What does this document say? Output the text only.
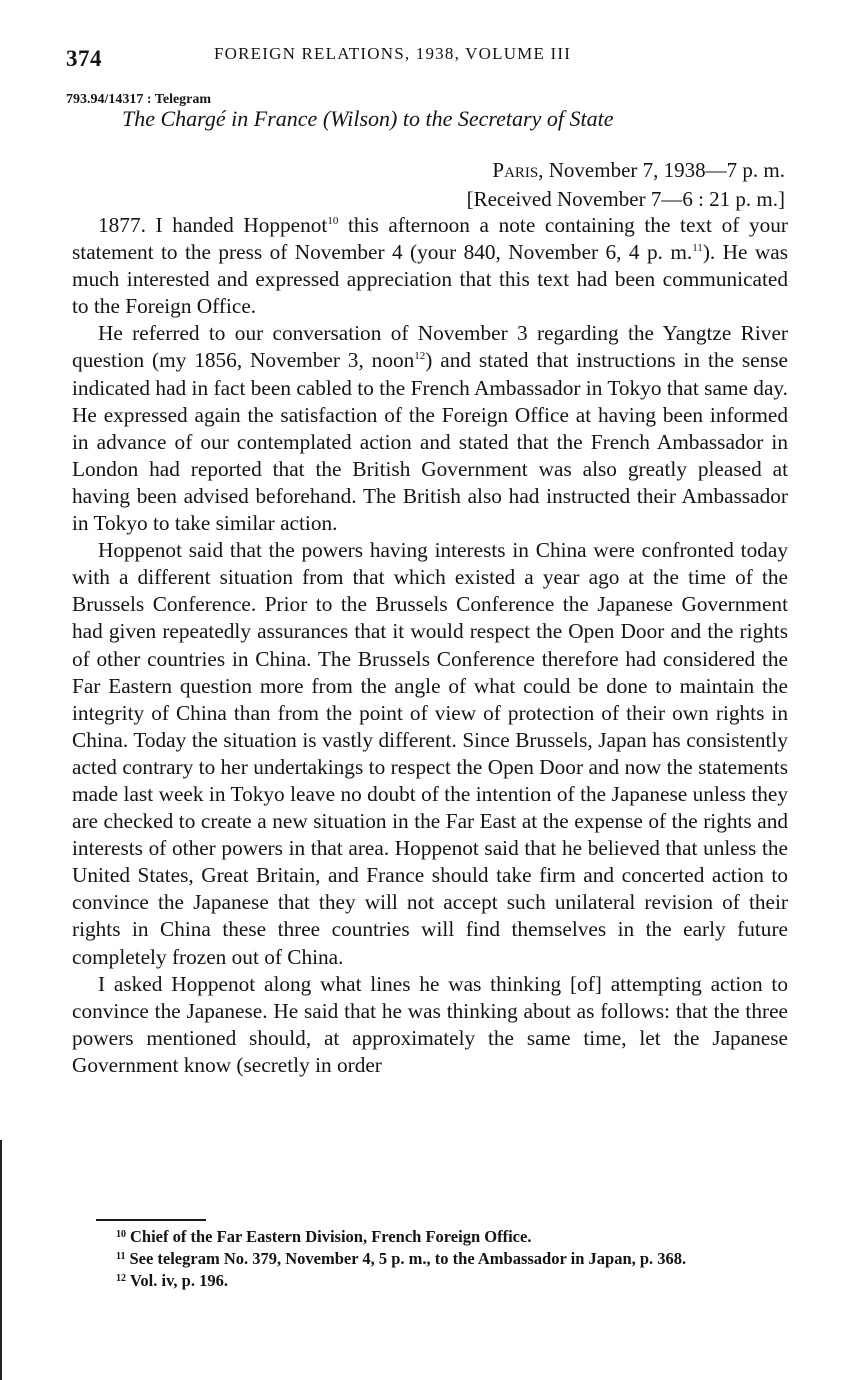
374	FOREIGN RELATIONS, 1938, VOLUME III
793.94/14317 : Telegram
The Chargé in France (Wilson) to the Secretary of State
Paris, November 7, 1938—7 p. m.
[Received November 7—6 : 21 p. m.]

1877. I handed Hoppenot$^{10}$ this afternoon a note containing the text of your statement to the press of November 4 (your 840, November 6, 4 p. m.$^{11}$). He was much interested and expressed appreciation that this text had been communicated to the Foreign Office.

He referred to our conversation of November 3 regarding the Yangtze River question (my 1856, November 3, noon$^{12}$) and stated that instructions in the sense indicated had in fact been cabled to the French Ambassador in Tokyo that same day. He expressed again the satisfaction of the Foreign Office at having been informed in advance of our contemplated action and stated that the French Ambassador in London had reported that the British Government was also greatly pleased at having been advised beforehand. The British also had instructed their Ambassador in Tokyo to take similar action.

Hoppenot said that the powers having interests in China were confronted today with a different situation from that which existed a year ago at the time of the Brussels Conference. Prior to the Brussels Conference the Japanese Government had given repeatedly assurances that it would respect the Open Door and the rights of other countries in China. The Brussels Conference therefore had considered the Far Eastern question more from the angle of what could be done to maintain the integrity of China than from the point of view of protection of their own rights in China. Today the situation is vastly different. Since Brussels, Japan has consistently acted contrary to her undertakings to respect the Open Door and now the statements made last week in Tokyo leave no doubt of the intention of the Japanese unless they are checked to create a new situation in the Far East at the expense of the rights and interests of other powers in that area. Hoppenot said that he believed that unless the United States, Great Britain, and France should take firm and concerted action to convince the Japanese that they will not accept such unilateral revision of their rights in China these three countries will find themselves in the early future completely frozen out of China.

I asked Hoppenot along what lines he was thinking [of] attempting action to convince the Japanese. He said that he was thinking about as follows: that the three powers mentioned should, at approximately the same time, let the Japanese Government know (secretly in order

$^{10}$ Chief of the Far Eastern Division, French Foreign Office.
$^{11}$ See telegram No. 379, November 4, 5 p. m., to the Ambassador in Japan, p. 368.
$^{12}$ Vol. iv, p. 196.
